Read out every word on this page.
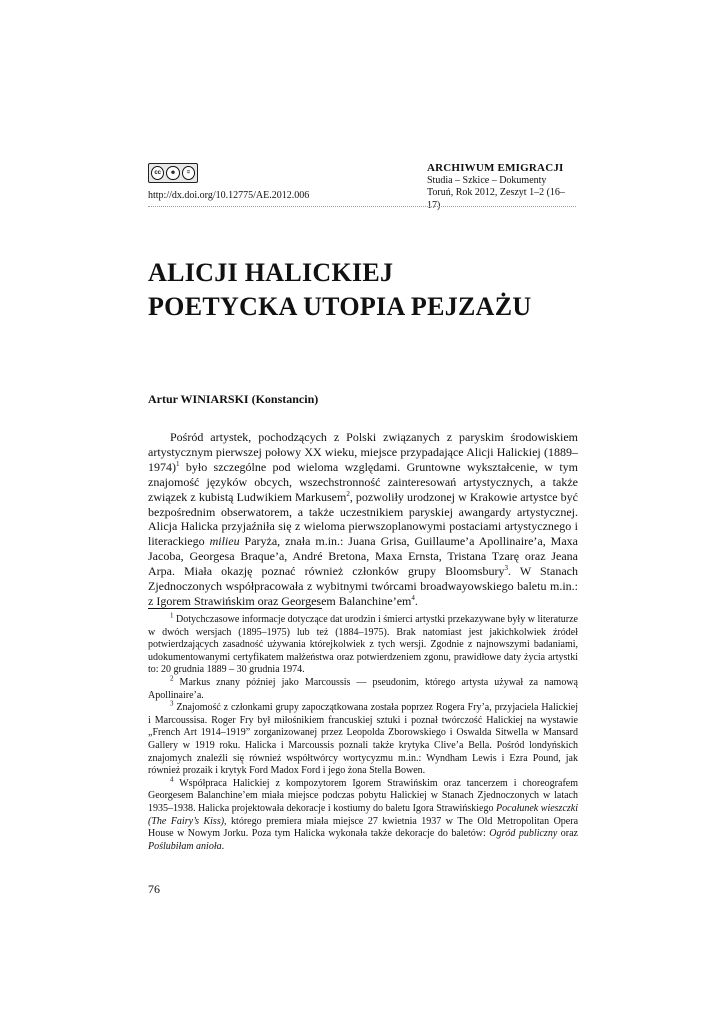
cc	☻	=
http://dx.doi.org/10.12775/AE.2012.006
ARCHIWUM EMIGRACJI
Studia – Szkice – Dokumenty
Toruń, Rok 2012, Zeszyt 1–2 (16–17)
ALICJI HALICKIEJ
POETYCKA UTOPIA PEJZAŻU
Artur WINIARSKI (Konstancin)

Pośród artystek, pochodzących z Polski związanych z paryskim środowiskiem artystycznym pierwszej połowy XX wieku, miejsce przypadające Alicji Halickiej (1889–1974)$^1$ było szczególne pod wieloma względami. Gruntowne wykształcenie, w tym znajomość języków obcych, wszechstronność zainteresowań artystycznych, a także związek z kubistą Ludwikiem Markusem$^2$, pozwoliły urodzonej w Krakowie artystce być bezpośrednim obserwatorem, a także uczestnikiem paryskiej awangardy artystycznej. Alicja Halicka przyjaźniła się z wieloma pierwszoplanowymi postaciami artystycznego i literackiego milieu Paryża, znała m.in.: Juana Grisa, Guillaume’a Apollinaire’a, Maxa Jacoba, Georgesa Braque’a, André Bretona, Maxa Ernsta, Tristana Tzarę oraz Jeana Arpa. Miała okazję poznać również członków grupy Bloomsbury$^3$. W Stanach Zjednoczonych współpracowała z wybitnymi twórcami broadwayowskiego baletu m.in.: z Igorem Strawińskim oraz Georgesem $Balanchine’em^4$.

$^1$ Dotychczasowe informacje dotyczące dat urodzin i śmierci artystki przekazywane były w literaturze w dwóch wersjach (1895–1975) lub też (1884–1975). Brak natomiast jest jakichkolwiek źródeł potwierdzających zasadność używania którejkolwiek z tych wersji. Zgodnie z najnowszymi badaniami, udokumentowanymi certyfikatem małżeństwa oraz potwierdzeniem zgonu, prawidłowe daty życia artystki to: 20 grudnia 1889 – 30 grudnia 1974.

$^2$ Markus znany później jako Marcoussis — pseudonim, którego artysta używał za namową Apollinaire’a.

$^3$ Znajomość z członkami grupy zapoczątkowana została poprzez Rogera Fry’a, przyjaciela Halickiej i Marcoussisa. Roger Fry był miłośnikiem francuskiej sztuki i poznał twórczość Halickiej na wystawie „French Art 1914–1919” zorganizowanej przez Leopolda Zborowskiego i Oswalda Sitwella w Mansard Gallery w 1919 roku. Halicka i Marcoussis poznali także krytyka Clive’a Bella. Pośród londyńskich znajomych znaleźli się również współtwórcy wortycyzmu m.in.: Wyndham Lewis i Ezra Pound, jak również prozaik i krytyk Ford Madox Ford i jego żona Stella Bowen.

$^4$ Współpraca Halickiej z kompozytorem Igorem Strawińskim oraz tancerzem i choreografem Georgesem Balanchine’em miała miejsce podczas pobytu Halickiej w Stanach Zjednoczonych w latach 1935–1938. Halicka projektowała dekoracje i kostiumy do baletu Igora Strawińskiego Pocałunek wieszczki (The Fairy’s Kiss), którego premiera miała miejsce 27 kwietnia 1937 w The Old Metropolitan Opera House w Nowym Jorku. Poza tym Halicka wykonała także dekoracje do baletów: Ogród publiczny oraz Poślubiłam anioła.

76
